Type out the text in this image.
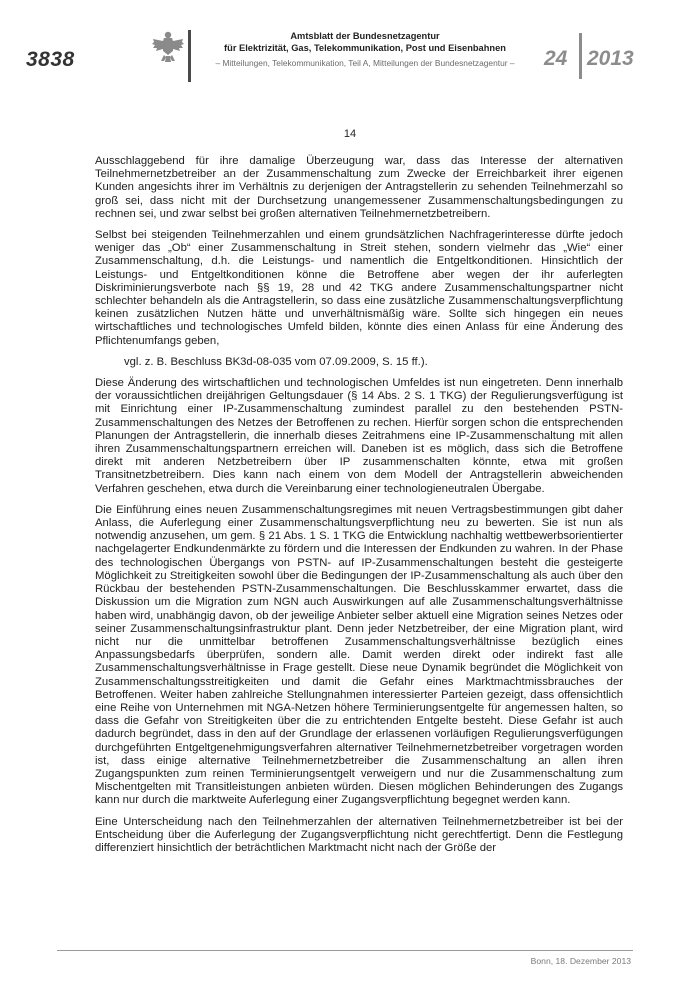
3838
Amtsblatt der Bundesnetzagentur
für Elektrizität, Gas, Telekommunikation, Post und Eisenbahnen
– Mitteilungen, Telekommunikation, Teil A, Mitteilungen der Bundesnetzagentur –	24 2013
14

Ausschlaggebend für ihre damalige Überzeugung war, dass das Interesse der alternativen Teilnehmernetzbetreiber an der Zusammenschaltung zum Zwecke der Erreichbarkeit ihrer eigenen Kunden angesichts ihrer im Verhältnis zu derjenigen der Antragstellerin zu sehenden Teilnehmerzahl so groß sei, dass nicht mit der Durchsetzung unangemessener Zusammenschaltungsbedingungen zu rechnen sei, und zwar selbst bei großen alternativen Teilnehmernetzbetreibern.

Selbst bei steigenden Teilnehmerzahlen und einem grundsätzlichen Nachfragerinteresse dürfte jedoch weniger das „Ob“ einer Zusammenschaltung in Streit stehen, sondern vielmehr das „Wie“ einer Zusammenschaltung, d.h. die Leistungs- und namentlich die Entgeltkonditionen. Hinsichtlich der Leistungs- und Entgeltkonditionen könne die Betroffene aber wegen der ihr auferlegten Diskriminierungsverbote nach §§ 19, 28 und 42 TKG andere Zusammenschaltungspartner nicht schlechter behandeln als die Antragstellerin, so dass eine zusätzliche Zusammenschaltungsverpflichtung keinen zusätzlichen Nutzen hätte und unverhältnismäßig wäre. Sollte sich hingegen ein neues wirtschaftliches und technologisches Umfeld bilden, könnte dies einen Anlass für eine Änderung des Pflichtenumfangs geben,

vgl. z. B. Beschluss BK3d-08-035 vom 07.09.2009, S. 15 ff.).

Diese Änderung des wirtschaftlichen und technologischen Umfeldes ist nun eingetreten. Denn innerhalb der voraussichtlichen dreijährigen Geltungsdauer (§ 14 Abs. 2 S. 1 TKG) der Regulierungsverfügung ist mit Einrichtung einer IP-Zusammenschaltung zumindest parallel zu den bestehenden PSTN-Zusammenschaltungen des Netzes der Betroffenen zu rechen. Hierfür sorgen schon die entsprechenden Planungen der Antragstellerin, die innerhalb dieses Zeitrahmens eine IP-Zusammenschaltung mit allen ihren Zusammenschaltungspartnern erreichen will. Daneben ist es möglich, dass sich die Betroffene direkt mit anderen Netzbetreibern über IP zusammenschalten könnte, etwa mit großen Transitnetzbetreibern. Dies kann nach einem von dem Modell der Antragstellerin abweichenden Verfahren geschehen, etwa durch die Vereinbarung einer technologieneutralen Übergabe.

Die Einführung eines neuen Zusammenschaltungsregimes mit neuen Vertragsbestimmungen gibt daher Anlass, die Auferlegung einer Zusammenschaltungsverpflichtung neu zu bewerten. Sie ist nun als notwendig anzusehen, um gem. § 21 Abs. 1 S. 1 TKG die Entwicklung nachhaltig wettbewerbsorientierter nachgelagerter Endkundenmärkte zu fördern und die Interessen der Endkunden zu wahren. In der Phase des technologischen Übergangs von PSTN- auf IP-Zusammenschaltungen besteht die gesteigerte Möglichkeit zu Streitigkeiten sowohl über die Bedingungen der IP-Zusammenschaltung als auch über den Rückbau der bestehenden PSTN-Zusammenschaltungen. Die Beschlusskammer erwartet, dass die Diskussion um die Migration zum NGN auch Auswirkungen auf alle Zusammenschaltungsverhältnisse haben wird, unabhängig davon, ob der jeweilige Anbieter selber aktuell eine Migration seines Netzes oder seiner Zusammenschaltungsinfrastruktur plant. Denn jeder Netzbetreiber, der eine Migration plant, wird nicht nur die unmittelbar betroffenen Zusammenschaltungsverhältnisse bezüglich eines Anpassungsbedarfs überprüfen, sondern alle. Damit werden direkt oder indirekt fast alle Zusammenschaltungsverhältnisse in Frage gestellt. Diese neue Dynamik begründet die Möglichkeit von Zusammenschaltungsstreitigkeiten und damit die Gefahr eines Marktmachtmissbrauches der Betroffenen. Weiter haben zahlreiche Stellungnahmen interessierter Parteien gezeigt, dass offensichtlich eine Reihe von Unternehmen mit NGA-Netzen höhere Terminierungsentgelte für angemessen halten, so dass die Gefahr von Streitigkeiten über die zu entrichtenden Entgelte besteht. Diese Gefahr ist auch dadurch begründet, dass in den auf der Grundlage der erlassenen vorläufigen Regulierungsverfügungen durchgeführten Entgeltgenehmigungsverfahren alternativer Teilnehmernetzbetreiber vorgetragen worden ist, dass einige alternative Teilnehmernetzbetreiber die Zusammenschaltung an allen ihren Zugangspunkten zum reinen Terminierungsentgelt verweigern und nur die Zusammenschaltung zum Mischentgelten mit Transitleistungen anbieten würden. Diesen möglichen Behinderungen des Zugangs kann nur durch die marktweite Auferlegung einer Zugangsverpflichtung begegnet werden kann.

Eine Unterscheidung nach den Teilnehmerzahlen der alternativen Teilnehmernetzbetreiber ist bei der Entscheidung über die Auferlegung der Zugangsverpflichtung nicht gerechtfertigt. Denn die Festlegung differenziert hinsichtlich der beträchtlichen Marktmacht nicht nach der Größe der

Bonn, 18. Dezember 2013
